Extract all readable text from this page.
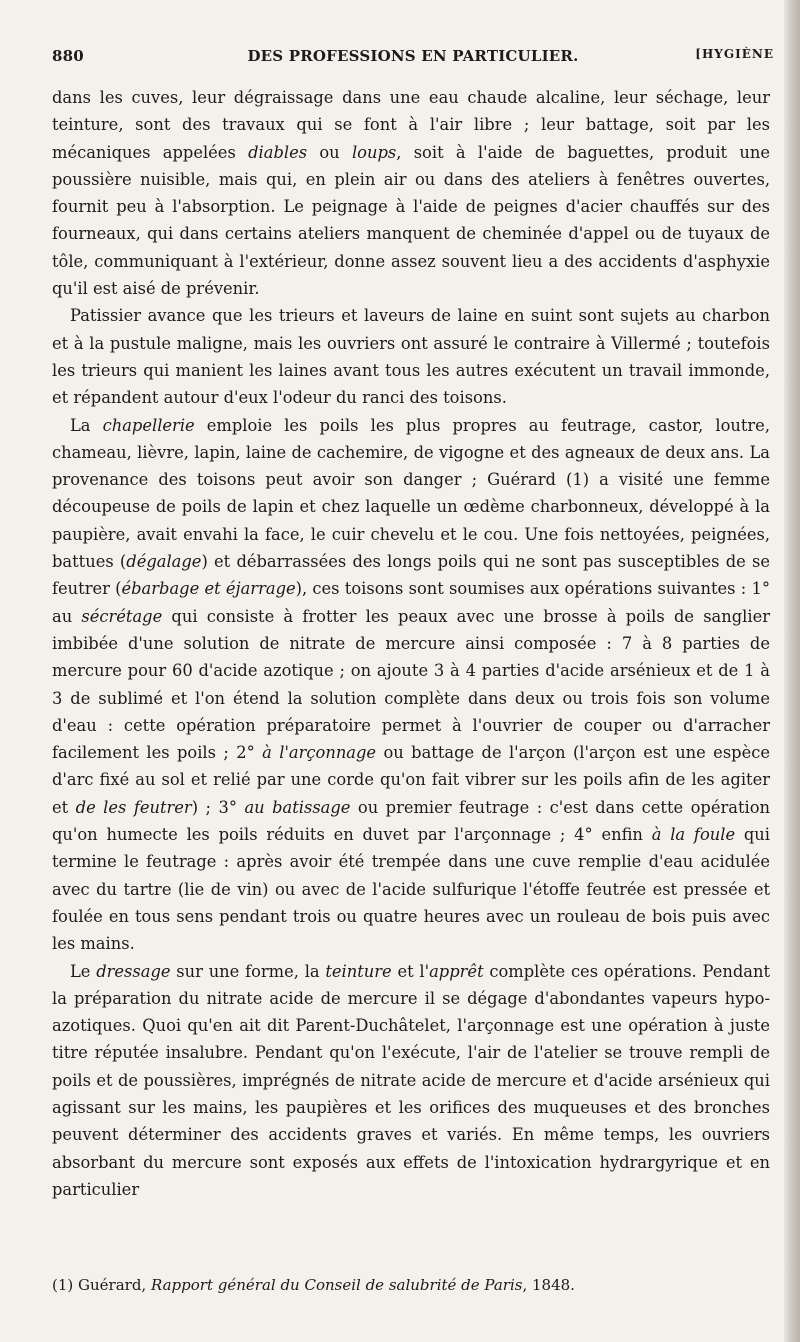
880	DES PROFESSIONS EN PARTICULIER.	[HYGIÈNE

dans les cuves, leur dégraissage dans une eau chaude alcaline, leur séchage, leur teinture, sont des travaux qui se font à l'air libre ; leur battage, soit par les mécaniques appelées diables ou loups, soit à l'aide de baguettes, produit une poussière nuisible, mais qui, en plein air ou dans des ateliers à fenêtres ouvertes, fournit peu à l'absorption. Le peignage à l'aide de peignes d'acier chauffés sur des fourneaux, qui dans certains ateliers manquent de cheminée d'appel ou de tuyaux de tôle, communiquant à l'extérieur, donne assez souvent lieu a des accidents d'asphyxie qu'il est aisé de prévenir.

Patissier avance que les trieurs et laveurs de laine en suint sont sujets au charbon et à la pustule maligne, mais les ouvriers ont assuré le contraire à Villermé ; toutefois les trieurs qui manient les laines avant tous les autres exécutent un travail immonde, et répandent autour d'eux l'odeur du ranci des toisons.

La chapellerie emploie les poils les plus propres au feutrage, castor, loutre, chameau, lièvre, lapin, laine de cachemire, de vigogne et des agneaux de deux ans. La provenance des toisons peut avoir son danger ; Guérard (1) a visité une femme découpeuse de poils de lapin et chez laquelle un œdème charbonneux, développé à la paupière, avait envahi la face, le cuir chevelu et le cou. Une fois nettoyées, peignées, battues (dégalage) et débarrassées des longs poils qui ne sont pas susceptibles de se feutrer (ébarbage et éjarrage), ces toisons sont soumises aux opérations suivantes : 1° au sécrétage qui consiste à frotter les peaux avec une brosse à poils de sanglier imbibée d'une solution de nitrate de mercure ainsi composée : 7 à 8 parties de mercure pour 60 d'acide azotique ; on ajoute 3 à 4 parties d'acide arsénieux et de 1 à 3 de sublimé et l'on étend la solution complète dans deux ou trois fois son volume d'eau : cette opération préparatoire permet à l'ouvrier de couper ou d'arracher facilement les poils ; 2° à l'arçonnage ou battage de l'arçon (l'arçon est une espèce d'arc fixé au sol et relié par une corde qu'on fait vibrer sur les poils afin de les agiter et de les feutrer) ; 3° au batissage ou premier feutrage : c'est dans cette opération qu'on humecte les poils réduits en duvet par l'arçonnage ; 4° enfin à la foule qui termine le feutrage : après avoir été trempée dans une cuve remplie d'eau acidulée avec du tartre (lie de vin) ou avec de l'acide sulfurique l'étoffe feutrée est pressée et foulée en tous sens pendant trois ou quatre heures avec un rouleau de bois puis avec les mains.

Le dressage sur une forme, la teinture et l'apprêt complète ces opérations. Pendant la préparation du nitrate acide de mercure il se dégage d'abondantes vapeurs hypo-azotiques. Quoi qu'en ait dit Parent-Duchâtelet, l'arçonnage est une opération à juste titre réputée insalubre. Pendant qu'on l'exécute, l'air de l'atelier se trouve rempli de poils et de poussières, imprégnés de nitrate acide de mercure et d'acide arsénieux qui agissant sur les mains, les paupières et les orifices des muqueuses et des bronches peuvent déterminer des accidents graves et variés. En même temps, les ouvriers absorbant du mercure sont exposés aux effets de l'intoxication hydrargyrique et en particulier

(1) Guérard, Rapport général du Conseil de salubrité de Paris, 1848.
